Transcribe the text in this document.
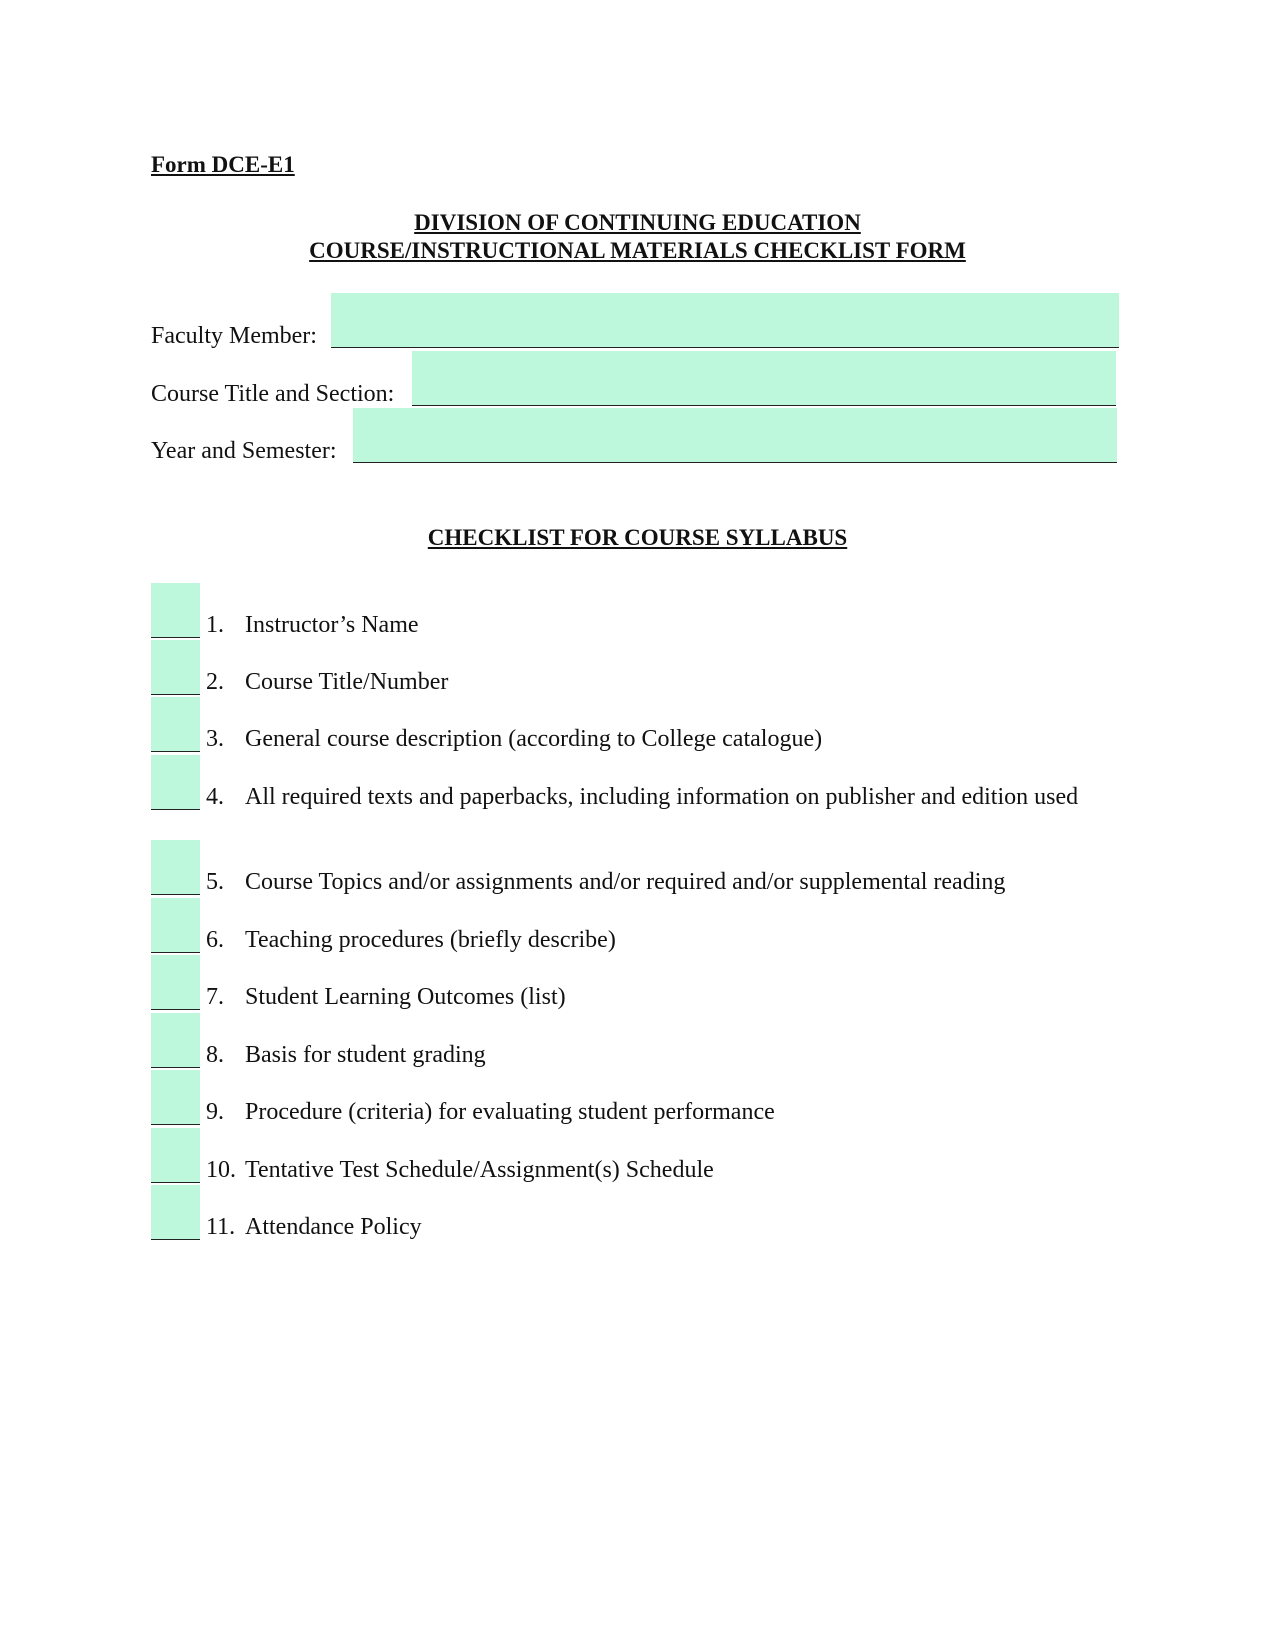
Form DCE-E1
DIVISION OF CONTINUING EDUCATION
COURSE/INSTRUCTIONAL MATERIALS CHECKLIST FORM
Faculty Member:
Course Title and Section:
Year and Semester:
CHECKLIST FOR COURSE SYLLABUS
1. Instructor’s Name
2. Course Title/Number
3. General course description (according to College catalogue)
4. All required texts and paperbacks, including information on publisher and edition used
5. Course Topics and/or assignments and/or required and/or supplemental reading
6. Teaching procedures (briefly describe)
7. Student Learning Outcomes (list)
8. Basis for student grading
9. Procedure (criteria) for evaluating student performance
10. Tentative Test Schedule/Assignment(s) Schedule
11. Attendance Policy
